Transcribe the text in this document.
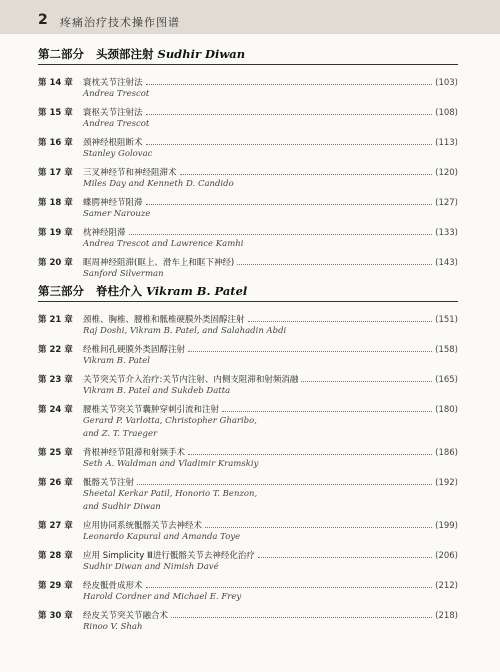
2 疼痛治疗技术操作图谱
第二部分 头颈部注射 Sudhir Diwan
第 14 章	寰枕关节注射法	(103)
Andrea Trescot
第 15 章	寰枢关节注射法	(108)
Andrea Trescot
第 16 章	颈神经根阻断术	(113)
Stanley Golovac
第 17 章	三叉神经节和神经阻滞术	(120)
Miles Day and Kenneth D. Candido
第 18 章	蝶腭神经节阻滞	(127)
Samer Narouze
第 19 章	枕神经阻滞	(133)
Andrea Trescot and Lawrence Kamhi
第 20 章	眶周神经阻滞(眶上、滑车上和眶下神经)	(143)
Sanford Silverman
第三部分 脊柱介入 Vikram B. Patel
第 21 章	颈椎、胸椎、腰椎和骶椎硬膜外类固醇注射	(151)
Raj Doshi, Vikram B. Patel, and Salahadin Abdi
第 22 章	经椎间孔硬膜外类固醇注射	(158)
Vikram B. Patel
第 23 章	关节突关节介入治疗:关节内注射、内侧支阻滞和射频消融	(165)
Vikram B. Patel and Sukdeb Datta
第 24 章	腰椎关节突关节囊肿穿刺引流和注射	(180)
Gerard P. Varlotta, Christopher Gharibo,
and Z. T. Traeger
第 25 章	背根神经节阻滞和射频手术	(186)
Seth A. Waldman and Vladimir Kramskiy
第 26 章	骶髂关节注射	(192)
Sheetal Kerkar Patil, Honorio T. Benzon,
and Sudhir Diwan
第 27 章	应用协同系统骶髂关节去神经术	(199)
Leonardo Kapural and Amanda Toye
第 28 章	应用 Simplicity Ⅲ进行骶髂关节去神经化治疗	(206)
Sudhir Diwan and Nimish Davé
第 29 章	经皮骶骨成形术	(212)
Harold Cordner and Michael E. Frey
第 30 章	经皮关节突关节融合术	(218)
Rinoo V. Shah
